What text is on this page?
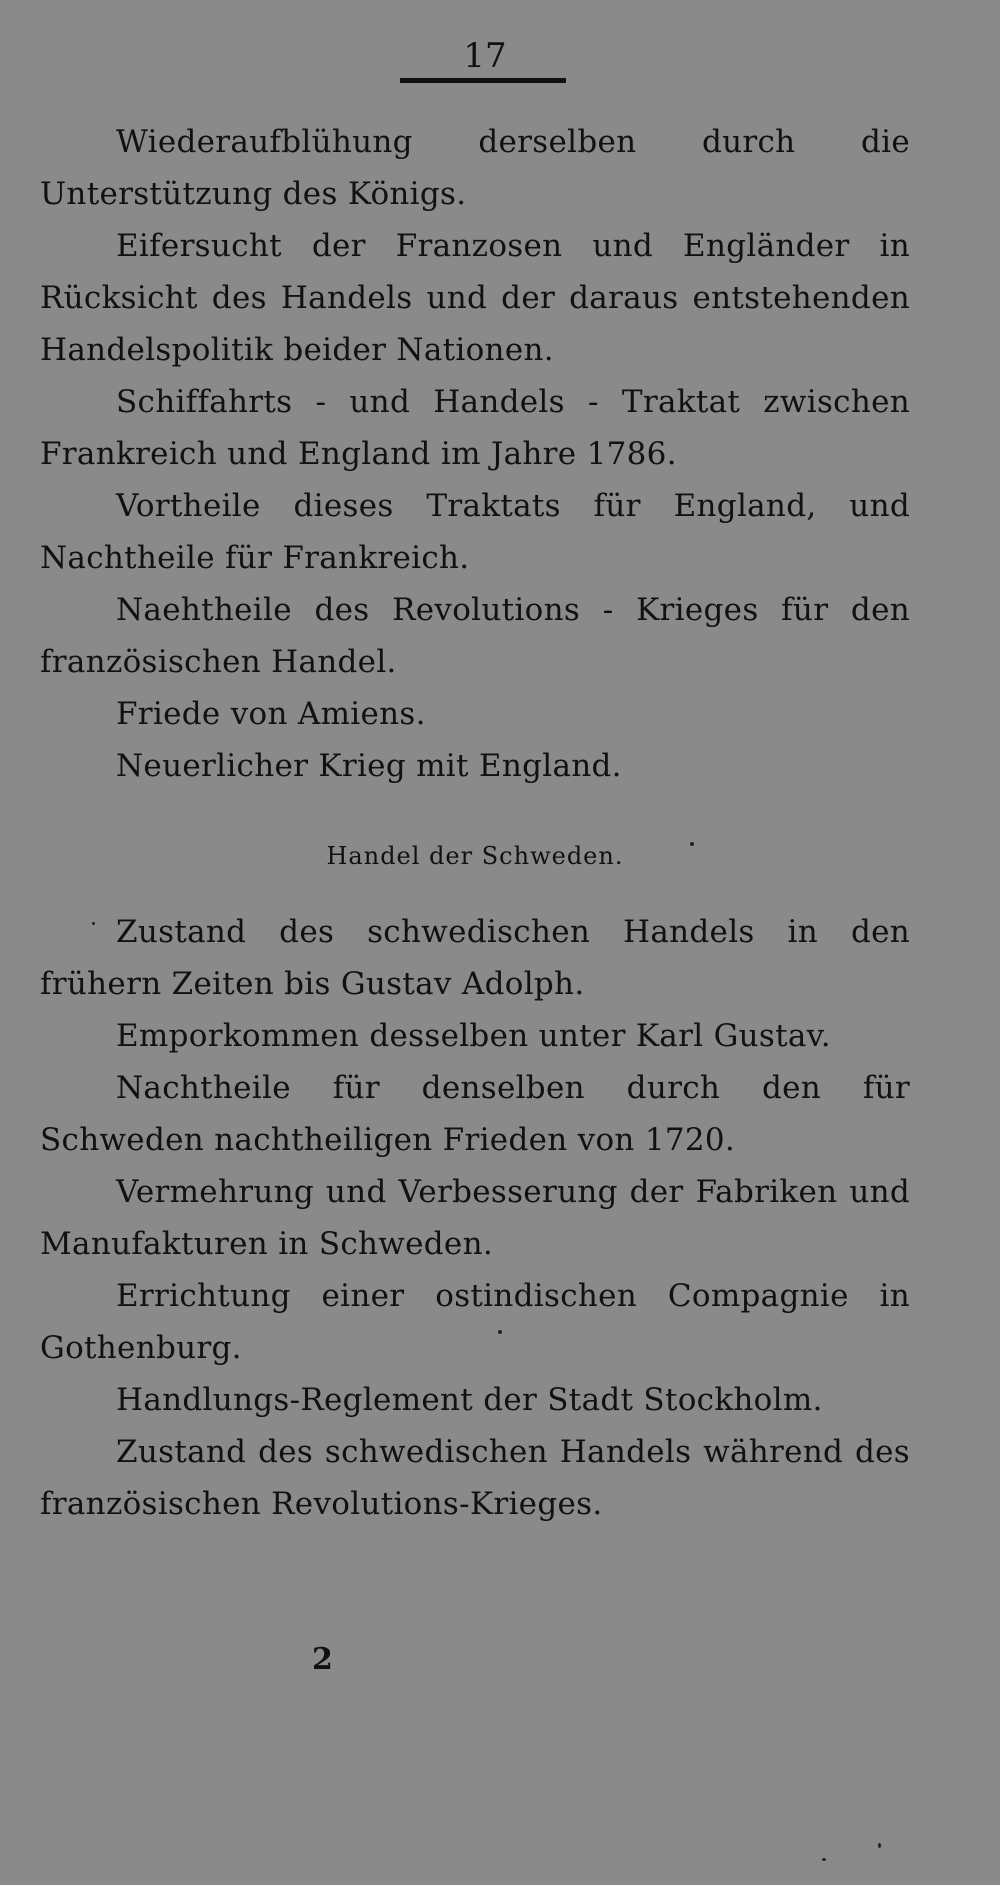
17

Wiederaufblühung derselben durch die Unterstützung des Königs.

Eifersucht der Franzosen und Engländer in Rücksicht des Handels und der daraus entstehenden Handelspolitik beider Nationen.

Schiffahrts - und Handels - Traktat zwischen Frankreich und England im Jahre 1786.

Vortheile dieses Traktats für England, und Nachtheile für Frankreich.

Naehtheile des Revolutions - Krieges für den französischen Handel.

Friede von Amiens.

Neuerlicher Krieg mit England.

Handel der Schweden.

Zustand des schwedischen Handels in den frühern Zeiten bis Gustav Adolph.

Emporkommen desselben unter Karl Gustav.

Nachtheile für denselben durch den für Schweden nachtheiligen Frieden von 1720.

Vermehrung und Verbesserung der Fabriken und Manufakturen in Schweden.

Errichtung einer ostindischen Compagnie in Gothenburg.

Handlungs-Reglement der Stadt Stockholm.

Zustand des schwedischen Handels während des französischen Revolutions-Krieges.

2
